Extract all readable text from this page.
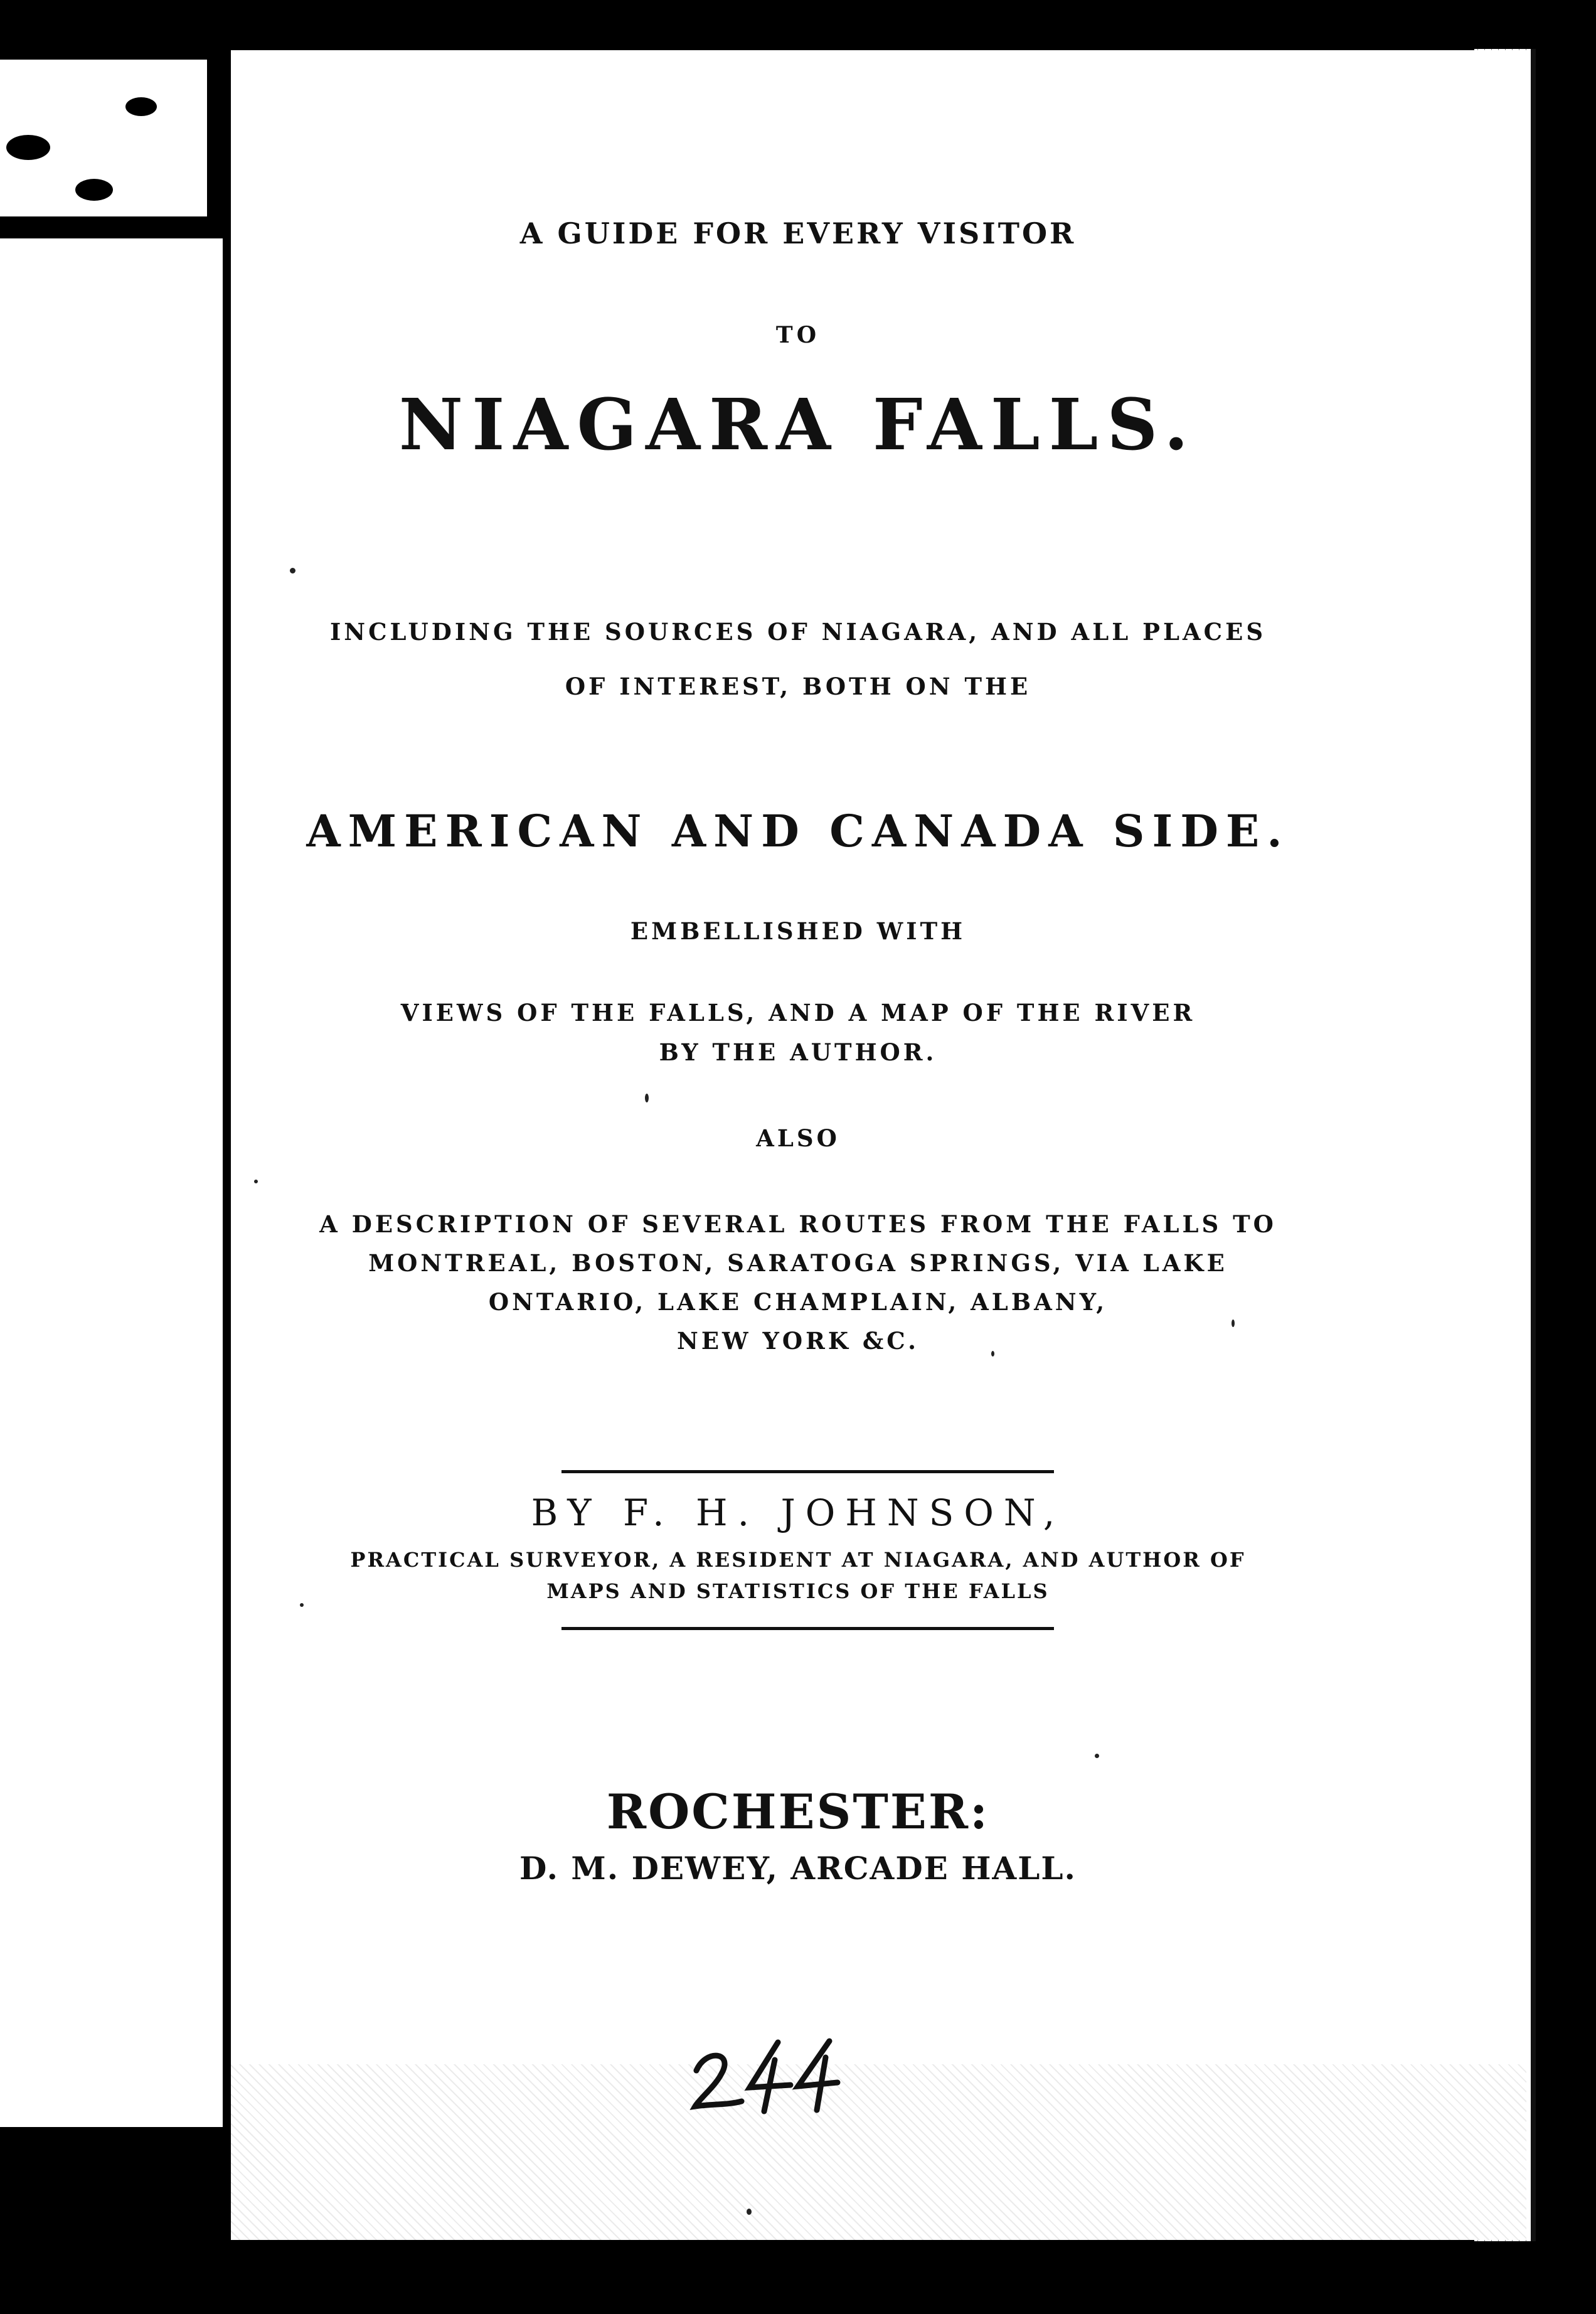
A GUIDE FOR EVERY VISITOR

TO

NIAGARA FALLS.

INCLUDING THE SOURCES OF NIAGARA, AND ALL PLACES

OF INTEREST, BOTH ON THE

AMERICAN AND CANADA SIDE.

EMBELLISHED WITH

VIEWS OF THE FALLS, AND A MAP OF THE RIVER

BY THE AUTHOR.

ALSO

A DESCRIPTION OF SEVERAL ROUTES FROM THE FALLS TO

MONTREAL, BOSTON, SARATOGA SPRINGS, VIA LAKE

ONTARIO, LAKE CHAMPLAIN, ALBANY,

NEW YORK &C.

BY F. H. JOHNSON,

PRACTICAL SURVEYOR, A RESIDENT AT NIAGARA, AND AUTHOR OF

MAPS AND STATISTICS OF THE FALLS

ROCHESTER:

D. M. DEWEY, ARCADE HALL.
